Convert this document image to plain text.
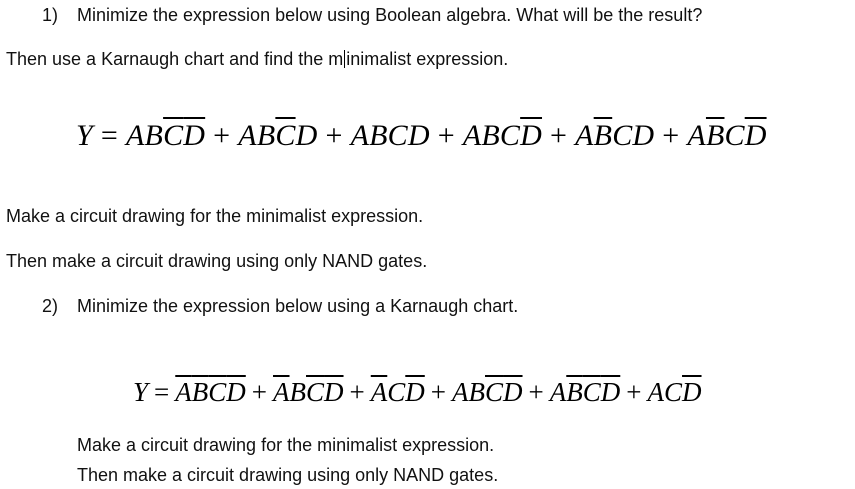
1) Minimize the expression below using Boolean algebra. What will be the result?
Then use a Karnaugh chart and find the m inimalist expression.
$Y = AB\overline{C}\overline{D} + AB\overline{C}D$ + ABCD + $ABC\overline{D} + A\overline{B}CD + A\overline{B}C\overline{D}$
Make a circuit drawing for the minimalist expression.
Then make a circuit drawing using only NAND gates.
2) Minimize the expression below using a Karnaugh chart.
$Y = \overline{A}\overline{B}\overline{C}\overline{D} + \overline{A}B\overline{C}\overline{D} + \overline{A}C\overline{D} + AB\overline{C}\overline{D} + A\overline{B}\overline{C}\overline{D} + AC\overline{D}$
Make a circuit drawing for the minimalist expression.
Then make a circuit drawing using only NAND gates.
